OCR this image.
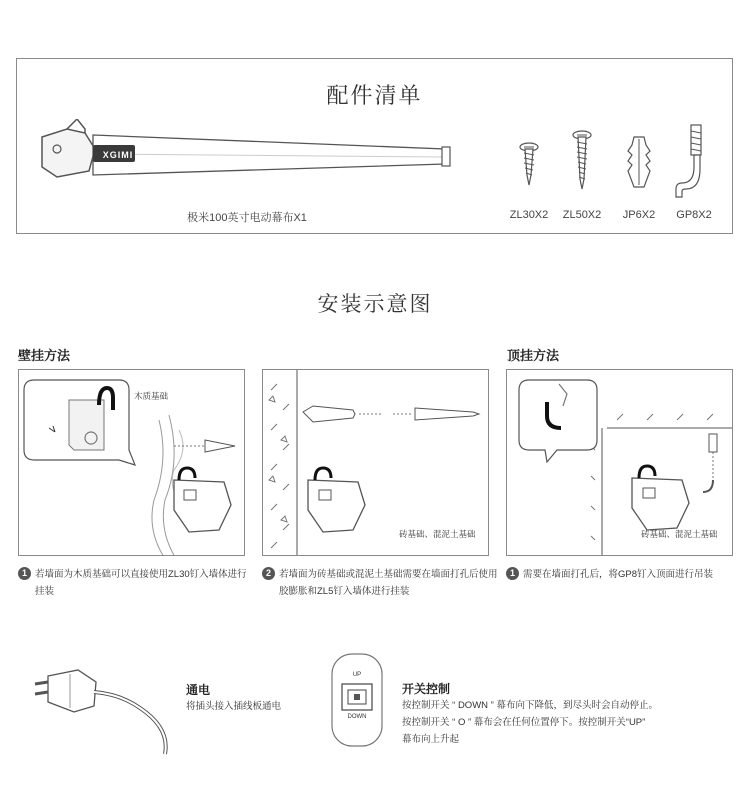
配件清单
XGIMI
极米100英寸电动幕布X1	ZL30X2	ZL50X2	JP6X2	GP8X2
安装示意图
壁挂方法	顶挂方法
木质基础
砖基础、混泥土基础	砖基础、混泥土基础
1 若墙面为木质基础可以直接使用ZL30钉入墙体进行
挂装
2 若墙面为砖基础或混泥土基础需要在墙面打孔后使用
胶膨胀和ZL5钉入墙体进行挂装
1 需要在墙面打孔后，将GP8钉入顶面进行吊装
通电
将插头接入插线板通电
UP
DOWN
开关控制
按控制开关 “ DOWN ” 幕布向下降低，到尽头时会自动停止。
按控制开关 “ O ” 幕布会在任何位置停下。按控制开关“UP”
幕布向上升起
